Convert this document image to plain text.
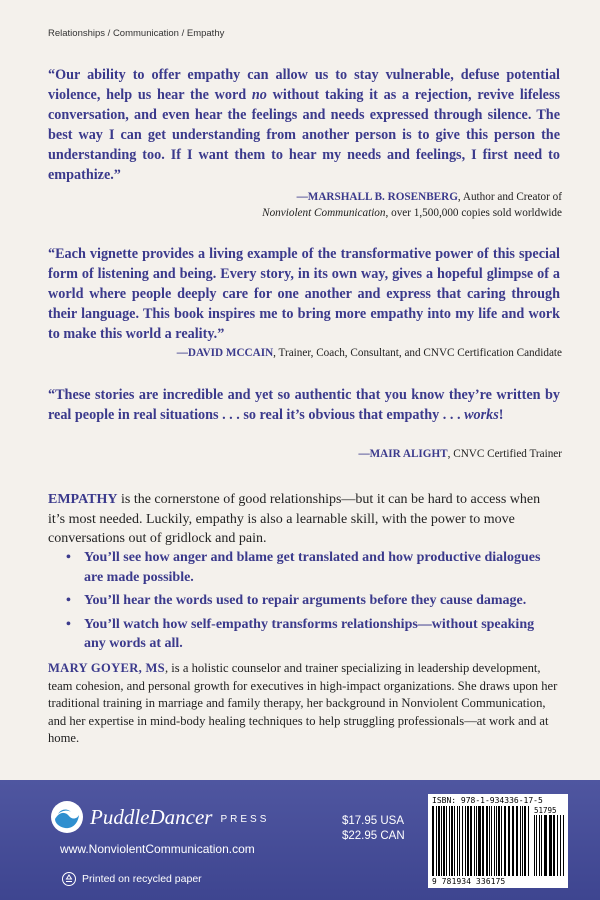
Relationships / Communication / Empathy
“Our ability to offer empathy can allow us to stay vulnerable, defuse potential violence, help us hear the word no without taking it as a rejection, revive lifeless conversation, and even hear the feelings and needs expressed through silence. The best way I can get understanding from another person is to give this person the understanding too. If I want them to hear my needs and feelings, I first need to empathize.”
—MARSHALL B. ROSENBERG, Author and Creator of
Nonviolent Communication, over 1,500,000 copies sold worldwide
“Each vignette provides a living example of the transformative power of this special form of listening and being. Every story, in its own way, gives a hopeful glimpse of a world where people deeply care for one another and express that caring through their language. This book inspires me to bring more empathy into my life and work to make this world a reality.”
—DAVID MCCAIN, Trainer, Coach, Consultant, and CNVC Certification Candidate
“These stories are incredible and yet so authentic that you know they’re written by real people in real situations . . . so real it’s obvious that empathy . . . works!
—MAIR ALIGHT, CNVC Certified Trainer
EMPATHY is the cornerstone of good relationships—but it can be hard to access when it’s most needed. Luckily, empathy is also a learnable skill, with the power to move conversations out of gridlock and pain.
• You’ll see how anger and blame get translated and how productive dialogues are made possible.
• You’ll hear the words used to repair arguments before they cause damage.
• You’ll watch how self-empathy transforms relationships—without speaking any words at all.
MARY GOYER, MS, is a holistic counselor and trainer specializing in leadership development, team cohesion, and personal growth for executives in high-impact organizations. She draws upon her traditional training in marriage and family therapy, her background in Nonviolent Communication, and her expertise in mind-body healing techniques to help struggling professionals—at work and at home.
PuddleDancer PRESS
www.NonviolentCommunication.com
Printed on recycled paper
$17.95 USA
$22.95 CAN
ISBN: 978-1-934336-17-5
51795
9 781934 336175
